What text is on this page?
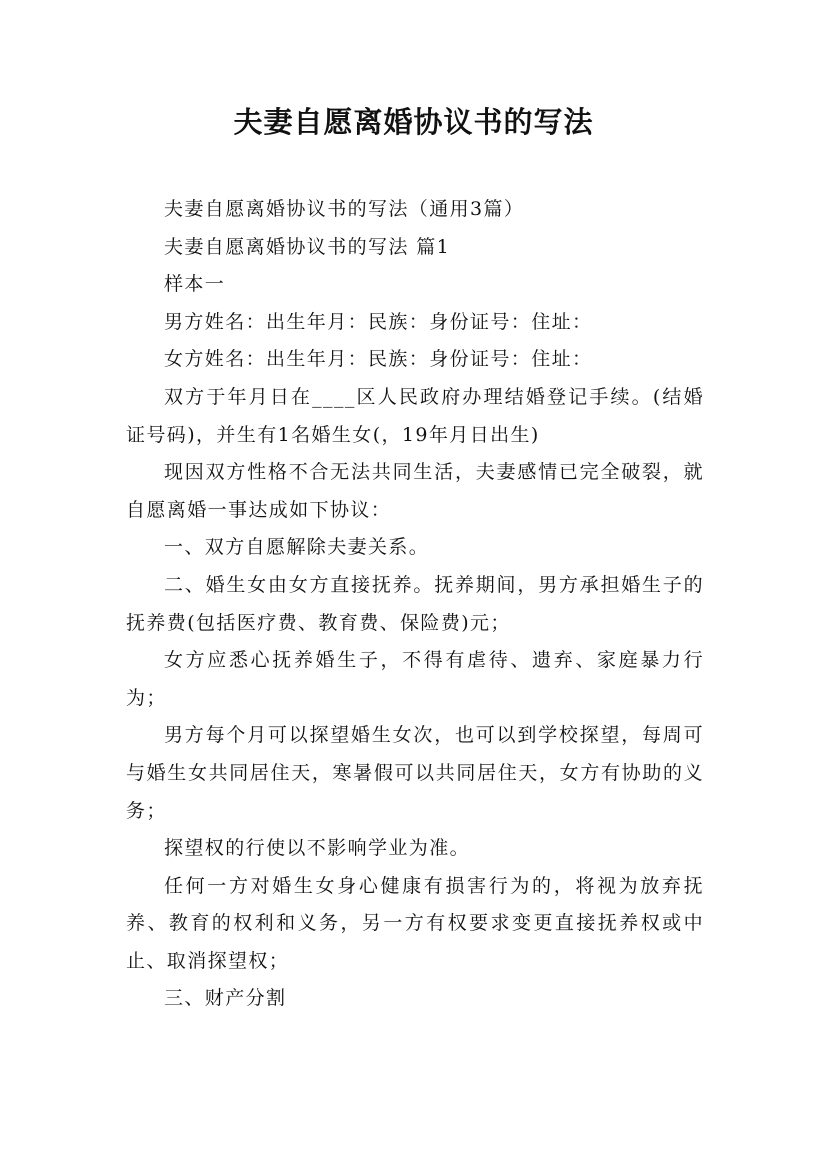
夫妻自愿离婚协议书的写法

夫妻自愿离婚协议书的写法（通用3篇）

夫妻自愿离婚协议书的写法 篇1

样本一

男方姓名：出生年月：民族：身份证号：住址：

女方姓名：出生年月：民族：身份证号：住址：

双方于年月日在____区人民政府办理结婚登记手续。(结婚证号码)，并生有1名婚生女(，19年月日出生)

现因双方性格不合无法共同生活，夫妻感情已完全破裂，就自愿离婚一事达成如下协议：

一、双方自愿解除夫妻关系。

二、婚生女由女方直接抚养。抚养期间，男方承担婚生子的抚养费(包括医疗费、教育费、保险费)元；

女方应悉心抚养婚生子，不得有虐待、遗弃、家庭暴力行为；

男方每个月可以探望婚生女次，也可以到学校探望，每周可与婚生女共同居住天，寒暑假可以共同居住天，女方有协助的义务；

探望权的行使以不影响学业为准。

任何一方对婚生女身心健康有损害行为的，将视为放弃抚养、教育的权利和义务，另一方有权要求变更直接抚养权或中止、取消探望权；

三、财产分割
